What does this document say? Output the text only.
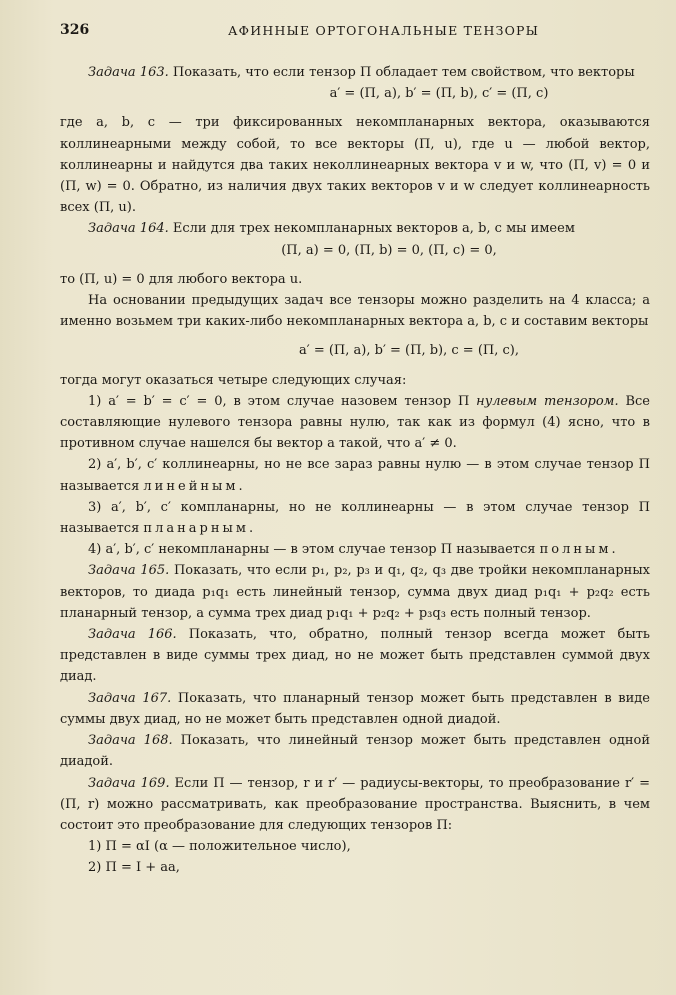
326	АФИННЫЕ ОРТОГОНАЛЬНЫЕ ТЕНЗОРЫ

Задача 163. Показать, что если тензор П обладает тем свойством, что векторы

a′ = (П, a), b′ = (П, b), c′ = (П, c)

где a, b, c — три фиксированных некомпланарных вектора, оказываются коллинеарными между собой, то все векторы (П, u), где u — любой вектор, коллинеарны и найдутся два таких неколлинеарных вектора v и w, что (П, v) = 0 и (П, w) = 0. Обратно, из наличия двух таких векторов v и w следует коллинеарность всех (П, u).

Задача 164. Если для трех некомпланарных векторов a, b, c мы имеем

(П, a) = 0, (П, b) = 0, (П, c) = 0,

то (П, u) = 0 для любого вектора u.

На основании предыдущих задач все тензоры можно разделить на 4 класса; а именно возьмем три каких-либо некомпланарных вектора a, b, c и составим векторы

a′ = (П, a), b′ = (П, b), c = (П, c),

тогда могут оказаться четыре следующих случая:

1) a′ = b′ = c′ = 0, в этом случае назовем тензор П нулевым тензором. Все составляющие нулевого тензора равны нулю, так как из формул (4) ясно, что в противном случае нашелся бы вектор a такой, что a′ ≠ 0.

2) a′, b′, c′ коллинеарны, но не все зараз равны нулю — в этом случае тензор П называется линейным.

3) a′, b′, c′ компланарны, но не коллинеарны — в этом случае тензор П называется планарным.

4) a′, b′, c′ некомпланарны — в этом случае тензор П называется полным.

Задача 165. Показать, что если p₁, p₂, p₃ и q₁, q₂, q₃ две тройки некомпланарных векторов, то диада p₁q₁ есть линейный тензор, сумма двух диад p₁q₁ + p₂q₂ есть планарный тензор, а сумма трех диад p₁q₁ + p₂q₂ + p₃q₃ есть полный тензор.

Задача 166. Показать, что, обратно, полный тензор всегда может быть представлен в виде суммы трех диад, но не может быть представлен суммой двух диад.

Задача 167. Показать, что планарный тензор может быть представлен в виде суммы двух диад, но не может быть представлен одной диадой.

Задача 168. Показать, что линейный тензор может быть представлен одной диадой.

Задача 169. Если П — тензор, r и r′ — радиусы-векторы, то преобразование r′ = (П, r) можно рассматривать, как преобразование пространства. Выяснить, в чем состоит это преобразование для следующих тензоров П:

1) П = αI (α — положительное число),

2) П = I + aa,
